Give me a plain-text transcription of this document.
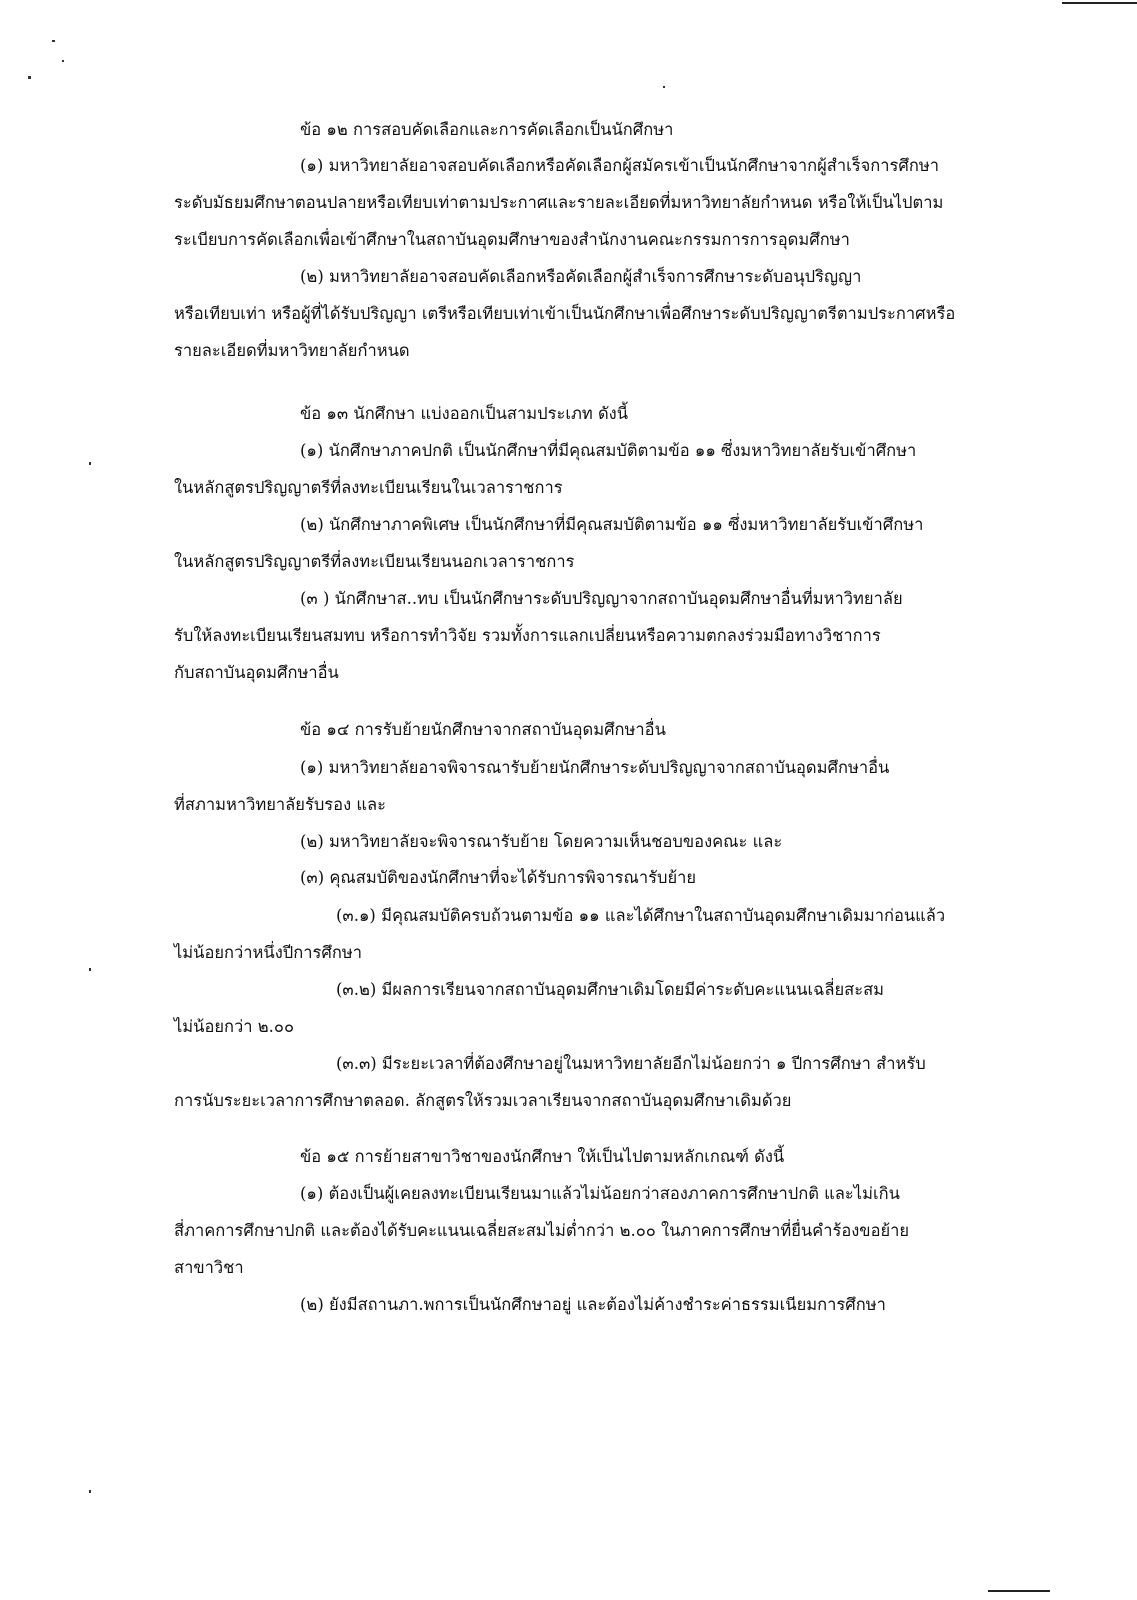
ข้อ ๑๒ การสอบคัดเลือกและการคัดเลือกเป็นนักศึกษา
(๑) มหาวิทยาลัยอาจสอบคัดเลือกหรือคัดเลือกผู้สมัครเข้าเป็นนักศึกษาจากผู้สำเร็จการศึกษา
ระดับมัธยมศึกษาตอนปลายหรือเทียบเท่าตามประกาศและรายละเอียดที่มหาวิทยาลัยกำหนด หรือให้เป็นไปตาม
ระเบียบการคัดเลือกเพื่อเข้าศึกษาในสถาบันอุดมศึกษาของสำนักงานคณะกรรมการการอุดมศึกษา
(๒) มหาวิทยาลัยอาจสอบคัดเลือกหรือคัดเลือกผู้สำเร็จการศึกษาระดับอนุปริญญา
หรือเทียบเท่า หรือผู้ที่ได้รับปริญญา เตรีหรือเทียบเท่าเข้าเป็นนักศึกษาเพื่อศึกษาระดับปริญญาตรีตามประกาศหรือ
รายละเอียดที่มหาวิทยาลัยกำหนด
ข้อ ๑๓ นักศึกษา แบ่งออกเป็นสามประเภท ดังนี้
(๑) นักศึกษาภาคปกติ เป็นนักศึกษาที่มีคุณสมบัติตามข้อ ๑๑ ซึ่งมหาวิทยาลัยรับเข้าศึกษา
ในหลักสูตรปริญญาตรีที่ลงทะเบียนเรียนในเวลาราชการ
(๒) นักศึกษาภาคพิเศษ เป็นนักศึกษาที่มีคุณสมบัติตามข้อ ๑๑ ซึ่งมหาวิทยาลัยรับเข้าศึกษา
ในหลักสูตรปริญญาตรีที่ลงทะเบียนเรียนนอกเวลาราชการ
(๓ ) นักศึกษาส..ทบ เป็นนักศึกษาระดับปริญญาจากสถาบันอุดมศึกษาอื่นที่มหาวิทยาลัย
รับให้ลงทะเบียนเรียนสมทบ หรือการทำวิจัย รวมทั้งการแลกเปลี่ยนหรือความตกลงร่วมมือทางวิชาการ
กับสถาบันอุดมศึกษาอื่น
ข้อ ๑๔ การรับย้ายนักศึกษาจากสถาบันอุดมศึกษาอื่น
(๑) มหาวิทยาลัยอาจพิจารณารับย้ายนักศึกษาระดับปริญญาจากสถาบันอุดมศึกษาอื่น
ที่สภามหาวิทยาลัยรับรอง และ
(๒) มหาวิทยาลัยจะพิจารณารับย้าย โดยความเห็นชอบของคณะ และ
(๓) คุณสมบัติของนักศึกษาที่จะได้รับการพิจารณารับย้าย
(๓.๑) มีคุณสมบัติครบถ้วนตามข้อ ๑๑ และได้ศึกษาในสถาบันอุดมศึกษาเดิมมาก่อนแล้ว
ไม่น้อยกว่าหนึ่งปีการศึกษา
(๓.๒) มีผลการเรียนจากสถาบันอุดมศึกษาเดิมโดยมีค่าระดับคะแนนเฉลี่ยสะสม
ไม่น้อยกว่า ๒.๐๐
(๓.๓) มีระยะเวลาที่ต้องศึกษาอยู่ในมหาวิทยาลัยอีกไม่น้อยกว่า ๑ ปีการศึกษา สำหรับ
การนับระยะเวลาการศึกษาตลอด. ลักสูตรให้รวมเวลาเรียนจากสถาบันอุดมศึกษาเดิมด้วย
ข้อ ๑๕ การย้ายสาขาวิชาของนักศึกษา ให้เป็นไปตามหลักเกณฑ์ ดังนี้
(๑) ต้องเป็นผู้เคยลงทะเบียนเรียนมาแล้วไม่น้อยกว่าสองภาคการศึกษาปกติ และไม่เกิน
สี่ภาคการศึกษาปกติ และต้องได้รับคะแนนเฉลี่ยสะสมไม่ต่ำกว่า ๒.๐๐ ในภาคการศึกษาที่ยื่นคำร้องขอย้าย
สาขาวิชา
(๒) ยังมีสถานภา.พการเป็นนักศึกษาอยู่ และต้องไม่ค้างชำระค่าธรรมเนียมการศึกษา
